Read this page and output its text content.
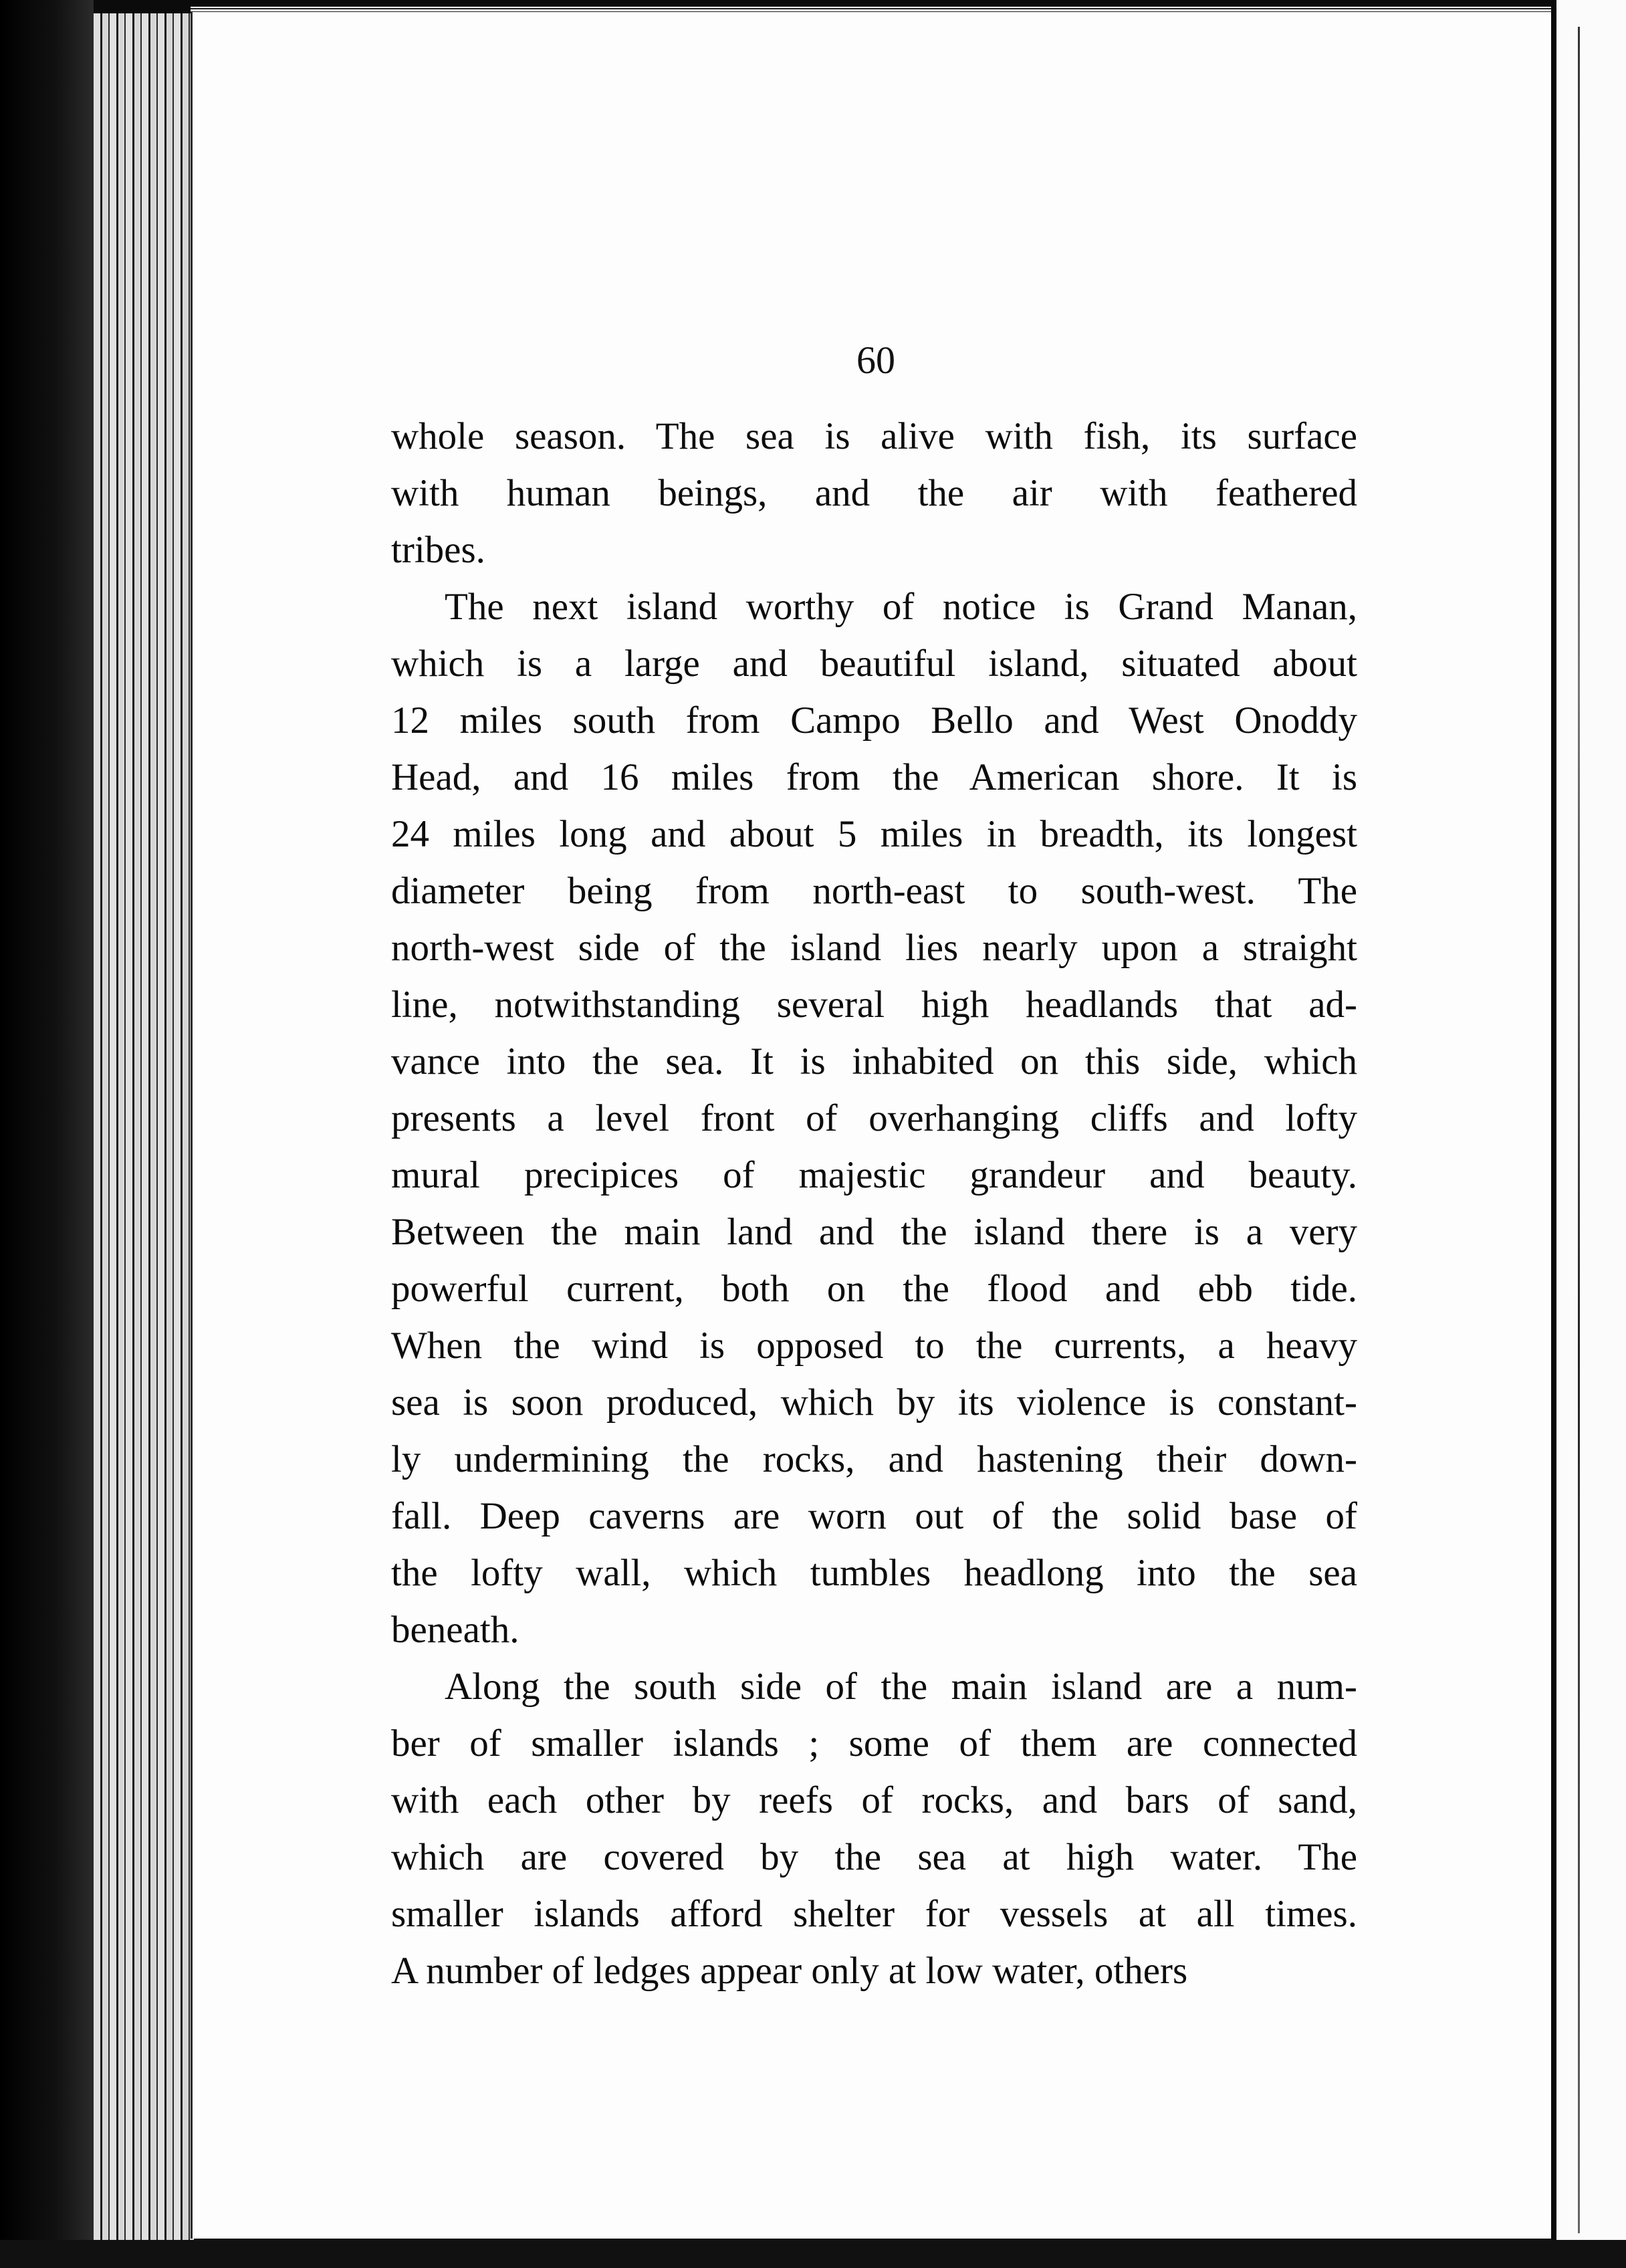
60

whole season. The sea is alive with fish, its surface
with human beings, and the air with feathered
tribes.

The next island worthy of notice is Grand Manan,
which is a large and beautiful island, situated about
12 miles south from Campo Bello and West Onoddy
Head, and 16 miles from the American shore. It is
24 miles long and about 5 miles in breadth, its longest
diameter being from north-east to south-west. The
north-west side of the island lies nearly upon a straight
line, notwithstanding several high headlands that ad-
vance into the sea. It is inhabited on this side, which
presents a level front of overhanging cliffs and lofty
mural precipices of majestic grandeur and beauty.
Between the main land and the island there is a very
powerful current, both on the flood and ebb tide.
When the wind is opposed to the currents, a heavy
sea is soon produced, which by its violence is constant-
ly undermining the rocks, and hastening their down-
fall. Deep caverns are worn out of the solid base of
the lofty wall, which tumbles headlong into the sea
beneath.

Along the south side of the main island are a num-
ber of smaller islands ; some of them are connected
with each other by reefs of rocks, and bars of sand,
which are covered by the sea at high water. The
smaller islands afford shelter for vessels at all times.
A number of ledges appear only at low water, others
